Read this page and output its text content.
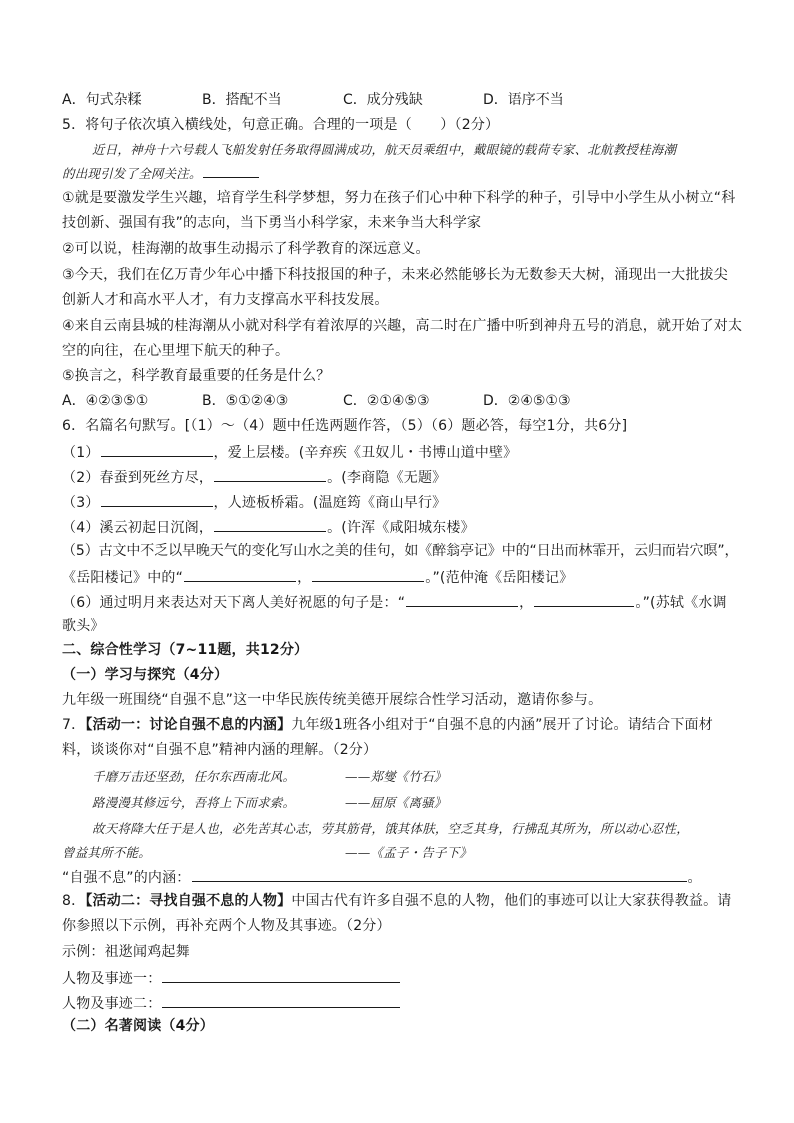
A．句式杂糅	B．搭配不当	C．成分残缺	D．语序不当
5．将句子依次填入横线处，句意正确。合理的一项是（　　）（2分）
近日，神舟十六号载人飞船发射任务取得圆满成功，航天员乘组中，戴眼镜的载荷专家、北航教授桂海潮
的出现引发了全网关注。
①就是要激发学生兴趣，培育学生科学梦想，努力在孩子们心中种下科学的种子，引导中小学生从小树立“科
技创新、强国有我”的志向，当下勇当小科学家，未来争当大科学家
②可以说，桂海潮的故事生动揭示了科学教育的深远意义。
③今天，我们在亿万青少年心中播下科技报国的种子，未来必然能够长为无数参天大树，涌现出一大批拔尖
创新人才和高水平人才，有力支撑高水平科技发展。
④来自云南县城的桂海潮从小就对科学有着浓厚的兴趣，高二时在广播中听到神舟五号的消息，就开始了对太
空的向往，在心里埋下航天的种子。
⑤换言之，科学教育最重要的任务是什么？
A．④②③⑤①	B．⑤①②④③	C．②①④⑤③	D．②④⑤①③
6．名篇名句默写。[（1）～（4）题中任选两题作答，（5）（6）题必答，每空1分，共6分]
（1）	，爱上层楼。(辛弃疾《丑奴儿・书博山道中壁》
（2）春蚕到死丝方尽，	。(李商隐《无题》
（3）	，人迹板桥霜。(温庭筠《商山早行》
（4）溪云初起日沉阁，	。(许浑《咸阳城东楼》
（5）古文中不乏以早晚天气的变化写山水之美的佳句，如《醉翁亭记》中的“日出而林霏开，云归而岩穴暝”，
《岳阳楼记》中的“	，	。”(范仲淹《岳阳楼记》
（6）通过明月来表达对天下离人美好祝愿的句子是：“	，	。”(苏轼《水调
歌头》
二、综合性学习（7~11题，共12分）
（一）学习与探究（4分）
九年级一班围绕“自强不息”这一中华民族传统美德开展综合性学习活动，邀请你参与。
7．【活动一：讨论自强不息的内涵】九年级1班各小组对于“自强不息的内涵”展开了讨论。请结合下面材
料，谈谈你对“自强不息”精神内涵的理解。（2分）
千磨万击还坚劲，任尔东西南北风。	——郑燮《竹石》
路漫漫其修远兮，吾将上下而求索。	——屈原《离骚》
故天将降大任于是人也，必先苦其心志，劳其筋骨，饿其体肤，空乏其身，行拂乱其所为，所以动心忍性，
曾益其所不能。	——《孟子・告子下》
“自强不息”的内涵：	。
8．【活动二：寻找自强不息的人物】中国古代有许多自强不息的人物，他们的事迹可以让大家获得教益。请
你参照以下示例，再补充两个人物及其事迹。（2分）
示例：祖逖闻鸡起舞
人物及事迹一：
人物及事迹二：
（二）名著阅读（4分）
